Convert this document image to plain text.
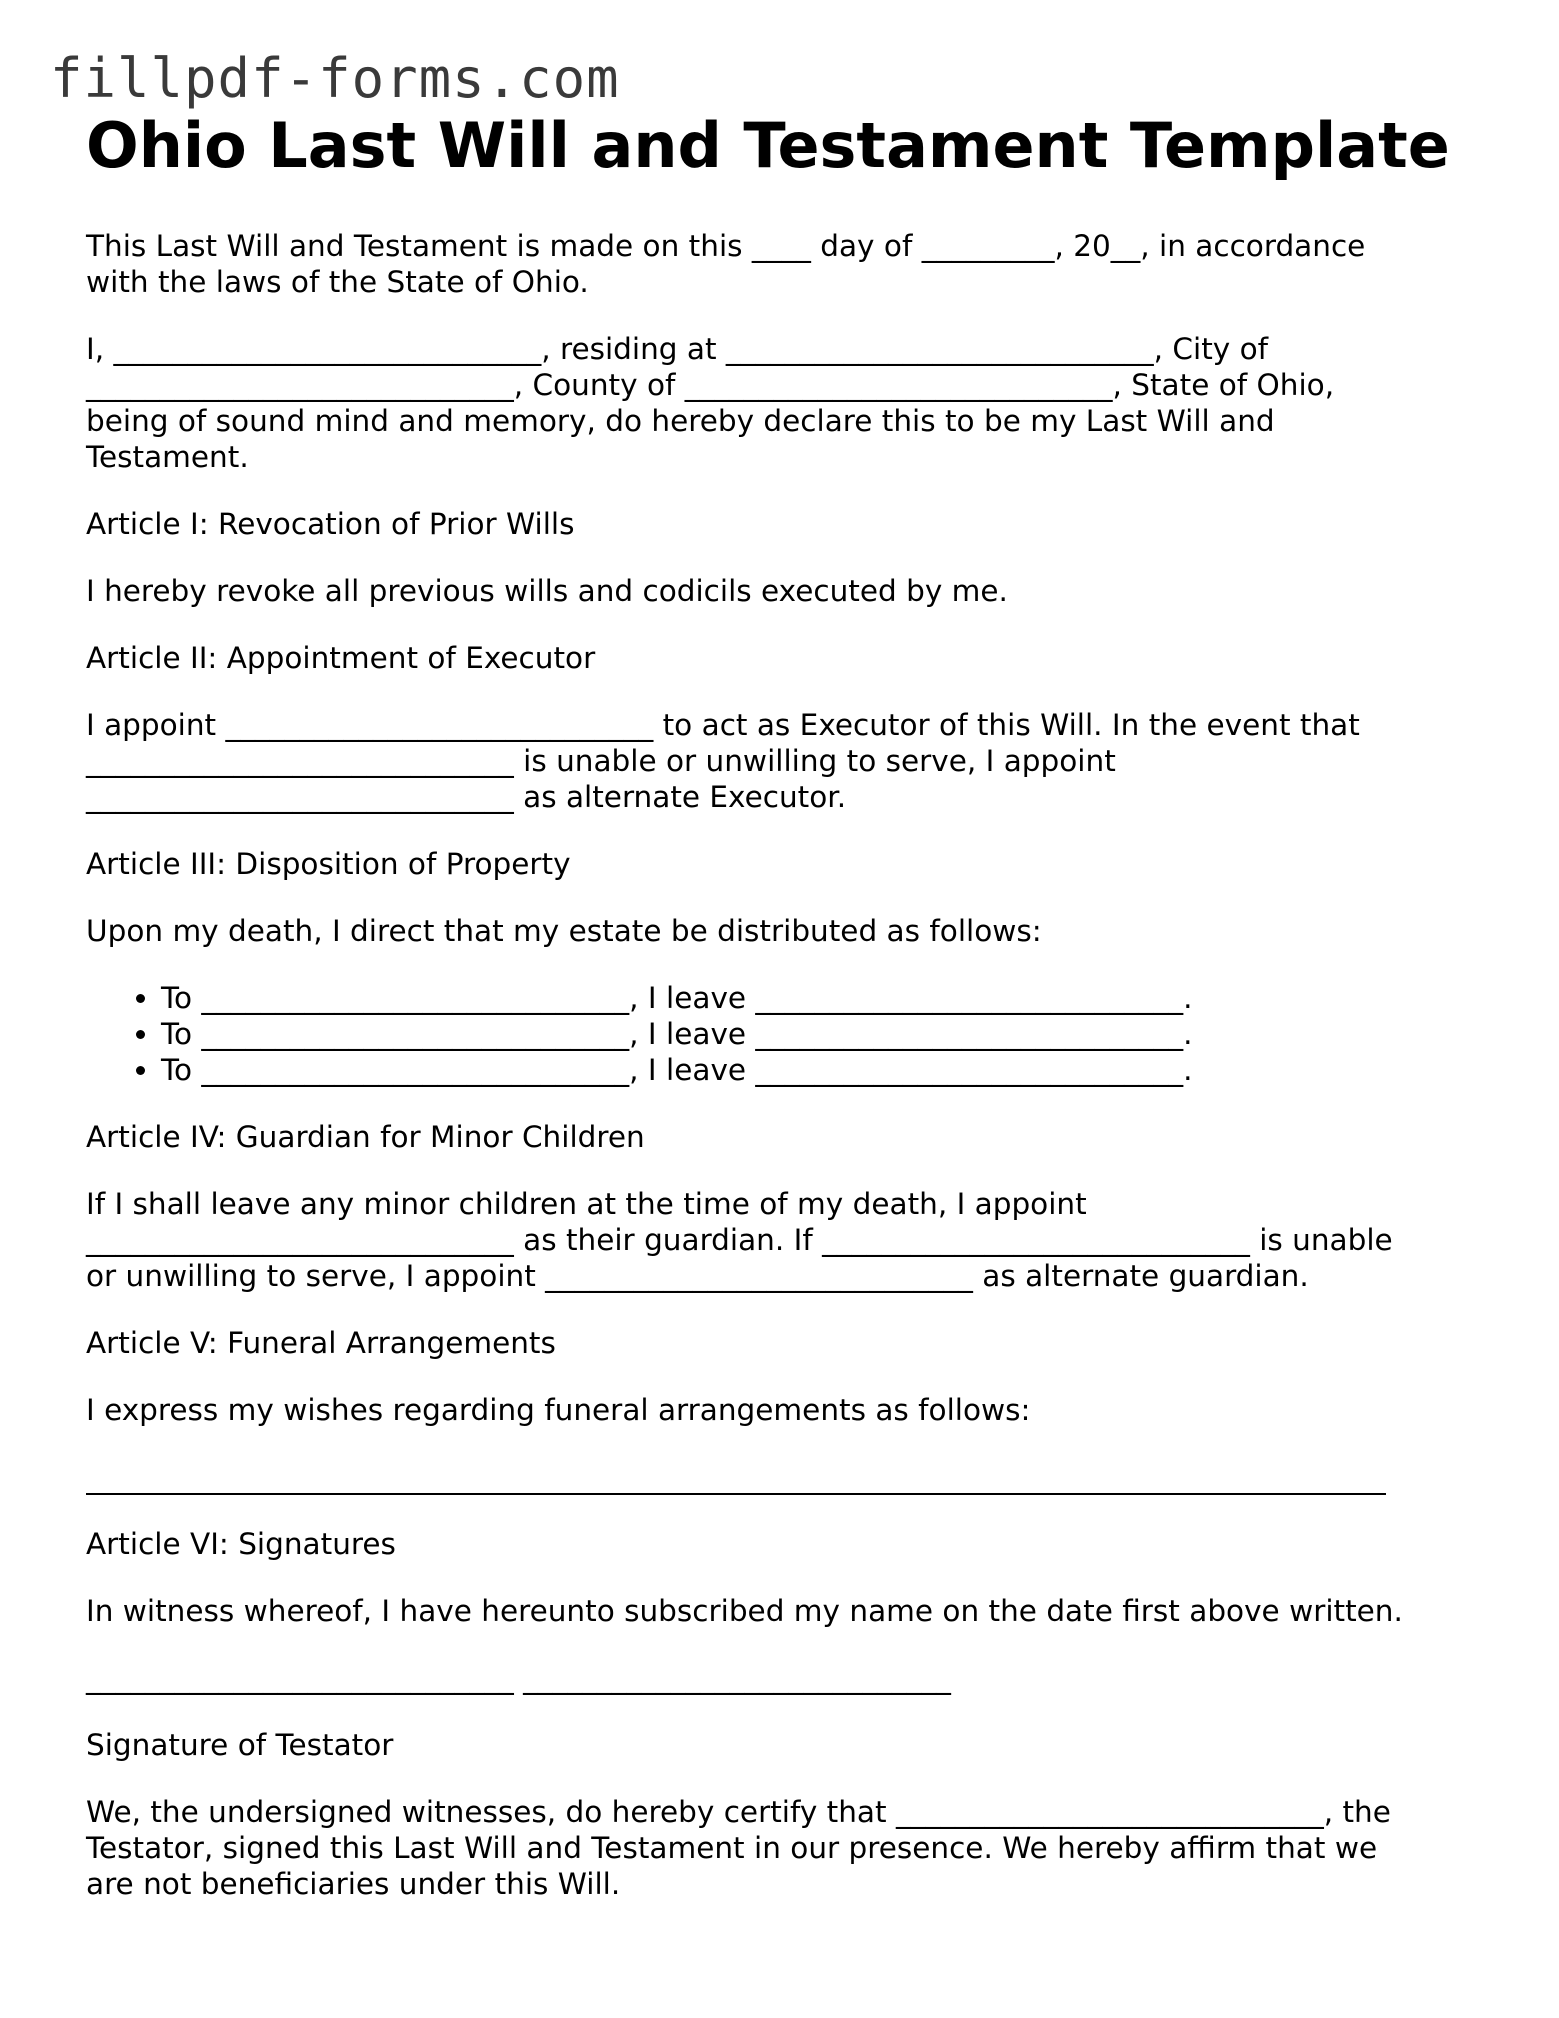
fillpdf-forms.com
Ohio Last Will and Testament Template

This Last Will and Testament is made on this ____ day of _________, 20__, in accordance
with the laws of the State of Ohio.

I, _____________________________, residing at _____________________________, City of
_____________________________, County of _____________________________, State of Ohio,
being of sound mind and memory, do hereby declare this to be my Last Will and
Testament.

Article I: Revocation of Prior Wills

I hereby revoke all previous wills and codicils executed by me.

Article II: Appointment of Executor

I appoint _____________________________ to act as Executor of this Will. In the event that
_____________________________ is unable or unwilling to serve, I appoint
_____________________________ as alternate Executor.

Article III: Disposition of Property

Upon my death, I direct that my estate be distributed as follows:

• To _____________________________, I leave _____________________________.
• To _____________________________, I leave _____________________________.
• To _____________________________, I leave _____________________________.

Article IV: Guardian for Minor Children

If I shall leave any minor children at the time of my death, I appoint
_____________________________ as their guardian. If _____________________________ is unable
or unwilling to serve, I appoint _____________________________ as alternate guardian.

Article V: Funeral Arrangements

I express my wishes regarding funeral arrangements as follows:

Article VI: Signatures

In witness whereof, I have hereunto subscribed my name on the date first above written.

_____________________________ _____________________________

Signature of Testator

We, the undersigned witnesses, do hereby certify that _____________________________, the
Testator, signed this Last Will and Testament in our presence. We hereby affirm that we
are not beneficiaries under this Will.
